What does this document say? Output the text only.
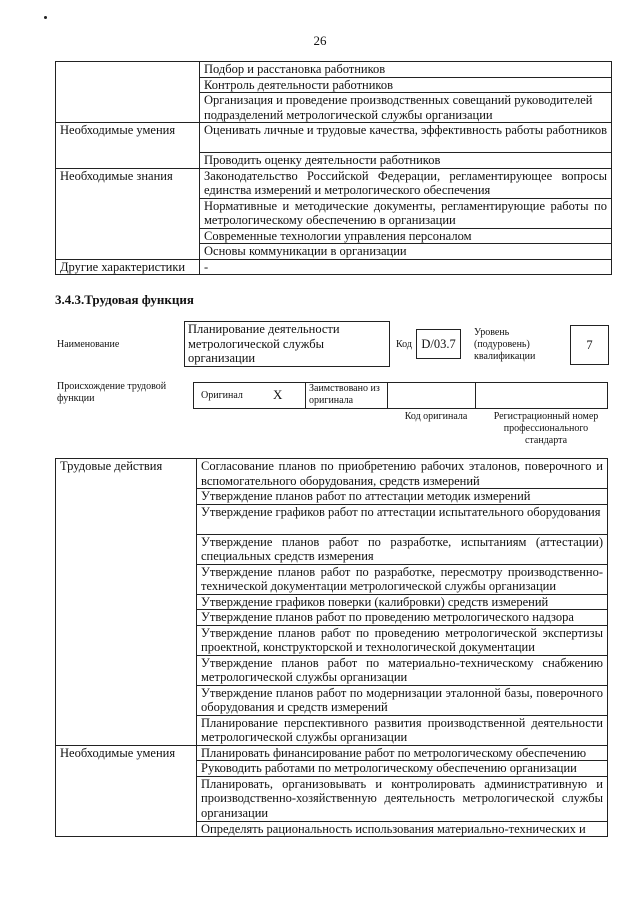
26
	Подбор и расстановка работников
	Контроль деятельности работников
	Организация и проведение производственных совещаний руководителей подразделений метрологической службы организации
Необходимые умения	Оценивать личные и трудовые качества, эффективность работы работников
	Проводить оценку деятельности работников
Необходимые знания	Законодательство Российской Федерации, регламентирующее вопросы единства измерений и метрологического обеспечения
	Нормативные и методические документы, регламентирующие работы по метрологическому обеспечению в организации
	Современные технологии управления персоналом
	Основы коммуникации в организации
Другие характеристики	-
3.4.3.Трудовая функция
Наименование
Планирование деятельности метрологической службы организации
Код D/03.7
Уровень (подуровень) квалификации
7
Происхождение трудовой функции	Оригинал X	Заимствовано из оригинала
Код оригинала	Регистрационный номер профессионального стандарта
Трудовые действия	Согласование планов по приобретению рабочих эталонов, поверочного и вспомогательного оборудования, средств измерений
	Утверждение планов работ по аттестации методик измерений
	Утверждение графиков работ по аттестации испытательного оборудования
	Утверждение планов работ по разработке, испытаниям (аттестации) специальных средств измерения
	Утверждение планов работ по разработке, пересмотру производственно-технической документации метрологической службы организации
	Утверждение графиков поверки (калибровки) средств измерений
	Утверждение планов работ по проведению метрологического надзора
	Утверждение планов работ по проведению метрологической экспертизы проектной, конструкторской и технологической документации
	Утверждение планов работ по материально-техническому снабжению метрологической службы организации
	Утверждение планов работ по модернизации эталонной базы, поверочного оборудования и средств измерений
	Планирование перспективного развития производственной деятельности метрологической службы организации
Необходимые умения	Планировать финансирование работ по метрологическому обеспечению
	Руководить работами по метрологическому обеспечению организации
	Планировать, организовывать и контролировать административную и производственно-хозяйственную деятельность метрологической службы организации
	Определять рациональность использования материально-технических и
